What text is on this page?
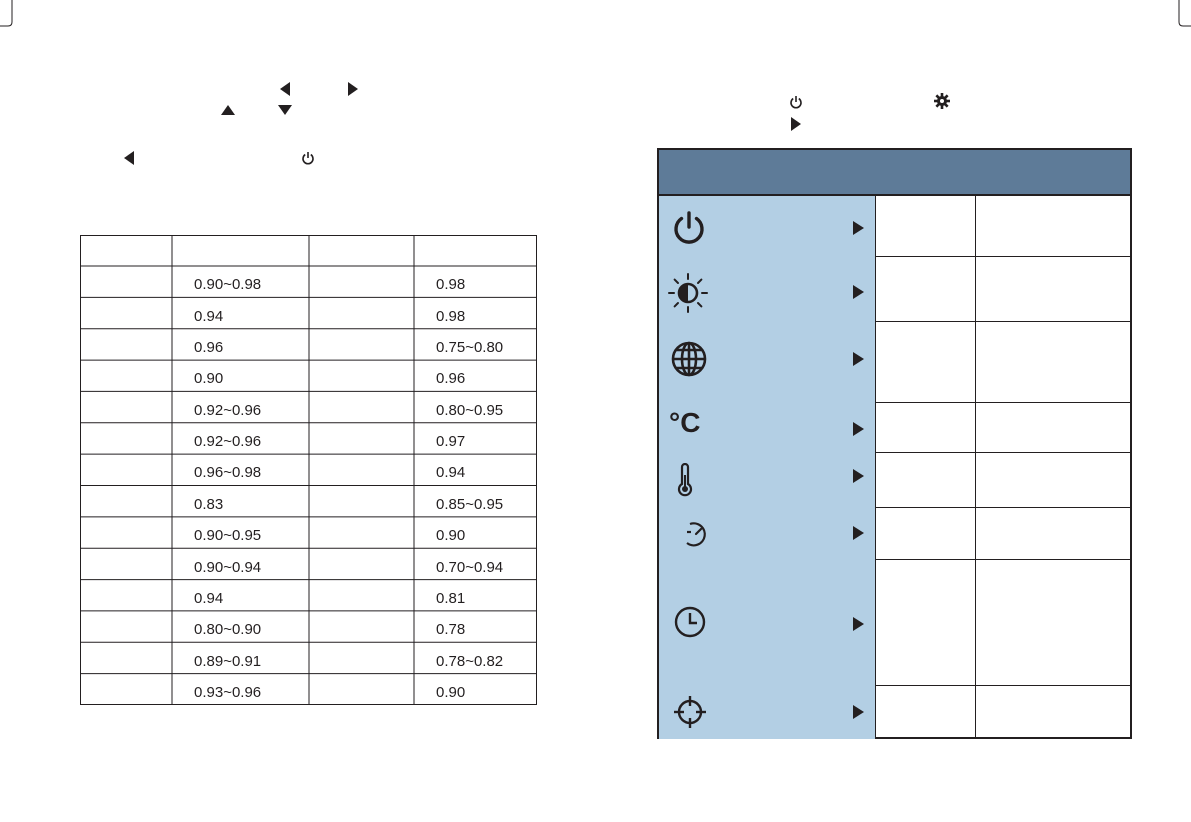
0.90~0.98	0.98
0.94	0.98
0.96	0.75~0.80
0.90	0.96
0.92~0.96	0.80~0.95
0.92~0.96	0.97
0.96~0.98	0.94
0.83	0.85~0.95
0.90~0.95	0.90
0.90~0.94	0.70~0.94
0.94	0.81
0.80~0.90	0.78
0.89~0.91	0.78~0.82
0.93~0.96	0.90
°C
